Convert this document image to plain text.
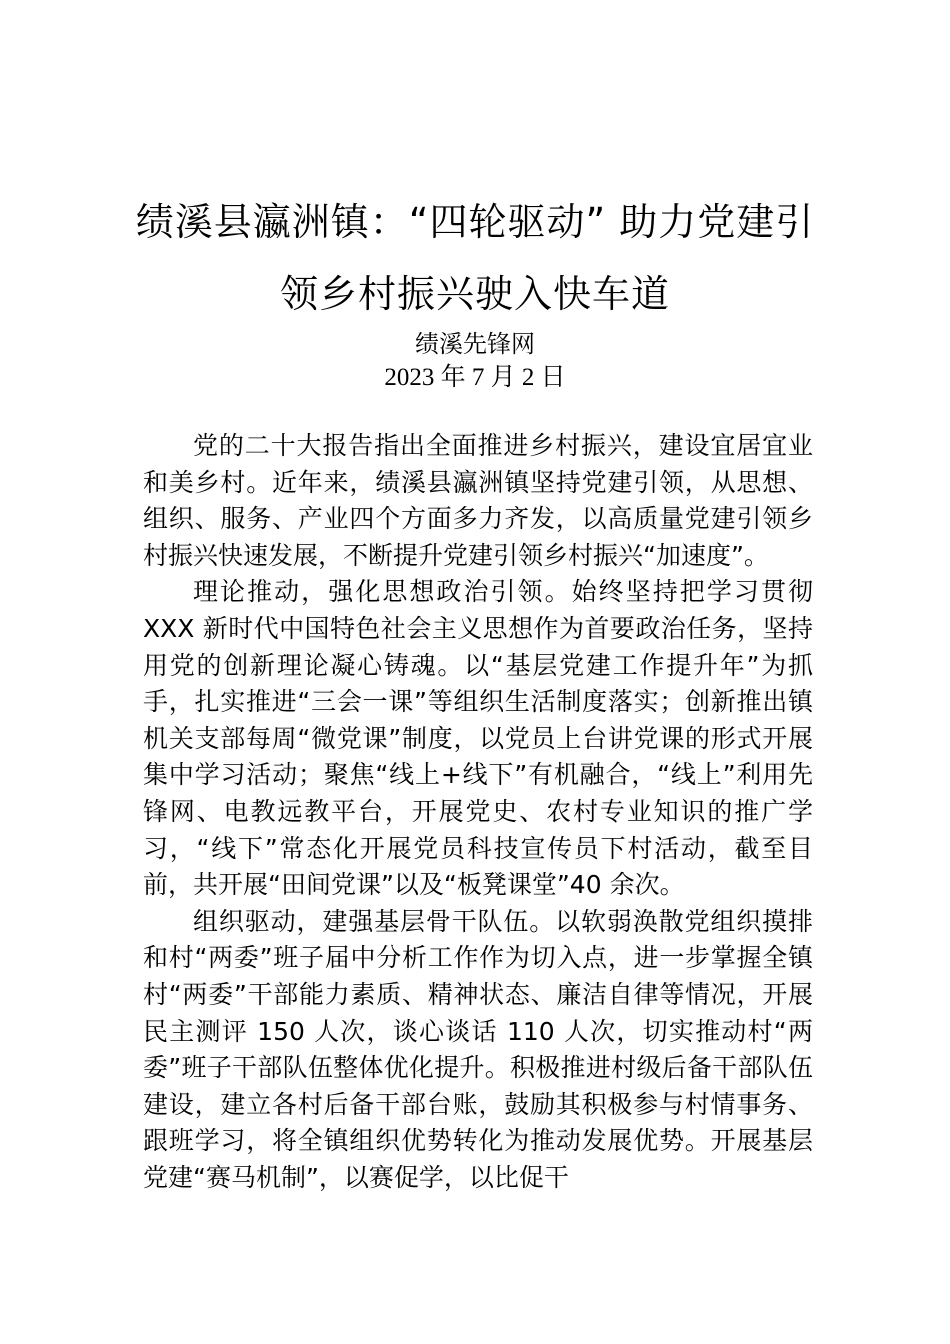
绩溪县瀛洲镇：“四轮驱动” 助力党建引
领乡村振兴驶入快车道
绩溪先锋网
2023 年 7 月 2 日

党的二十大报告指出全面推进乡村振兴，建设宜居宜业和美乡村。近年来，绩溪县瀛洲镇坚持党建引领，从思想、组织、服务、产业四个方面多力齐发，以高质量党建引领乡村振兴快速发展，不断提升党建引领乡村振兴“加速度”。

理论推动，强化思想政治引领。始终坚持把学习贯彻 XXX 新时代中国特色社会主义思想作为首要政治任务，坚持用党的创新理论凝心铸魂。以“基层党建工作提升年”为抓手，扎实推进“三会一课”等组织生活制度落实；创新推出镇机关支部每周“微党课”制度，以党员上台讲党课的形式开展集中学习活动；聚焦“线上+线下”有机融合，“线上”利用先锋网、电教远教平台，开展党史、农村专业知识的推广学习，“线下”常态化开展党员科技宣传员下村活动，截至目前，共开展“田间党课”以及“板凳课堂”40 余次。

组织驱动，建强基层骨干队伍。以软弱涣散党组织摸排和村“两委”班子届中分析工作作为切入点，进一步掌握全镇村“两委”干部能力素质、精神状态、廉洁自律等情况，开展民主测评 150 人次，谈心谈话 110 人次，切实推动村“两委”班子干部队伍整体优化提升。积极推进村级后备干部队伍建设，建立各村后备干部台账，鼓励其积极参与村情事务、跟班学习，将全镇组织优势转化为推动发展优势。开展基层党建“赛马机制”，以赛促学，以比促干
